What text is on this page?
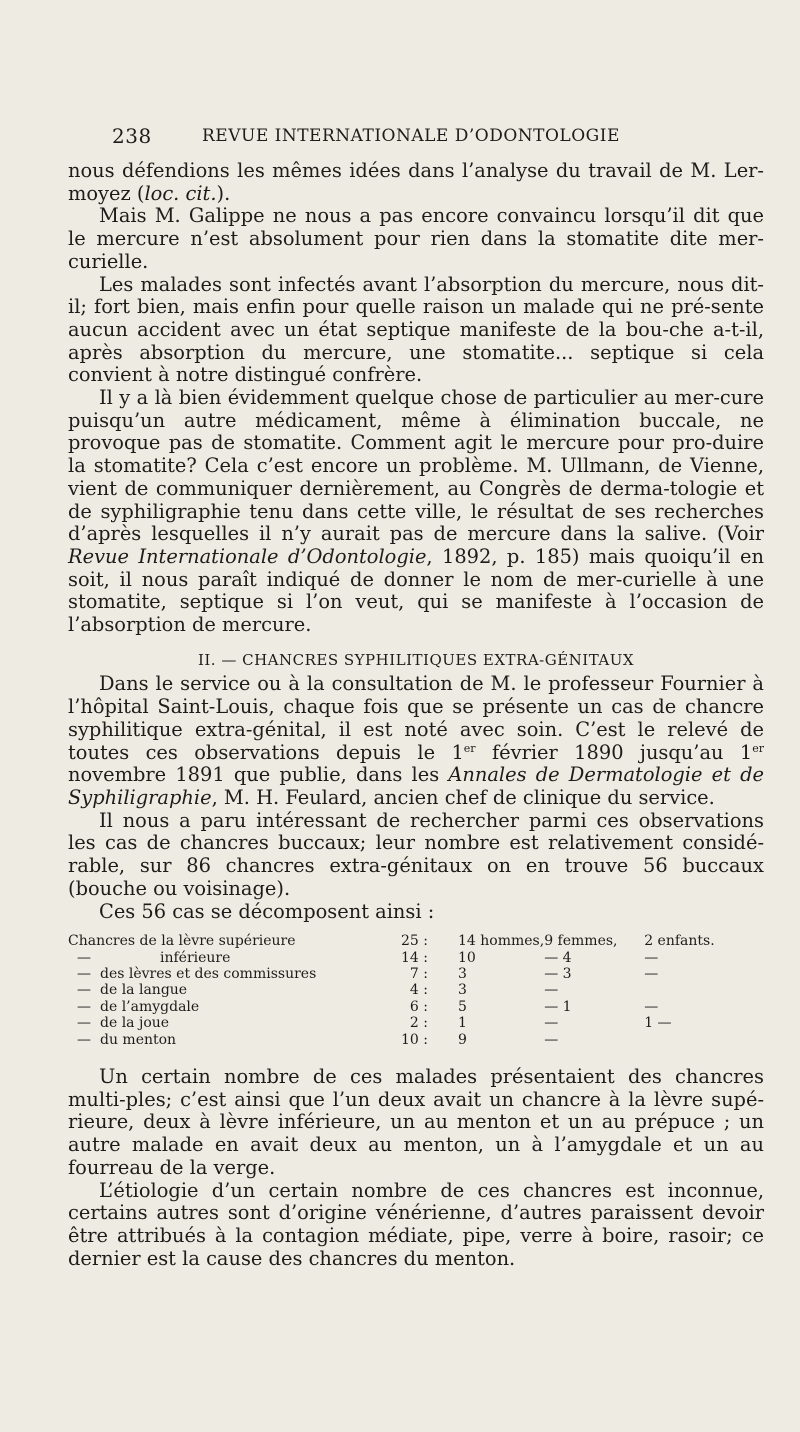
238	REVUE INTERNATIONALE D’ODONTOLOGIE

nous défendions les mêmes idées dans l’analyse du travail de M. Ler-moyez (loc. cit.).

Mais M. Galippe ne nous a pas encore convaincu lorsqu’il dit que le mercure n’est absolument pour rien dans la stomatite dite mer-curielle.

Les malades sont infectés avant l’absorption du mercure, nous dit-il; fort bien, mais enfin pour quelle raison un malade qui ne pré-sente aucun accident avec un état septique manifeste de la bou-che a-t-il, après absorption du mercure, une stomatite... septique si cela convient à notre distingué confrère.

Il y a là bien évidemment quelque chose de particulier au mer-cure puisqu’un autre médicament, même à élimination buccale, ne provoque pas de stomatite. Comment agit le mercure pour pro-duire la stomatite? Cela c’est encore un problème. M. Ullmann, de Vienne, vient de communiquer dernièrement, au Congrès de derma-tologie et de syphiligraphie tenu dans cette ville, le résultat de ses recherches d’après lesquelles il n’y aurait pas de mercure dans la salive. (Voir Revue Internationale d’Odontologie, 1892, p. 185) mais quoiqu’il en soit, il nous paraît indiqué de donner le nom de mer-curielle à une stomatite, septique si l’on veut, qui se manifeste à l’occasion de l’absorption de mercure.

II. — CHANCRES SYPHILITIQUES EXTRA-GÉNITAUX

Dans le service ou à la consultation de M. le professeur Fournier à l’hôpital Saint-Louis, chaque fois que se présente un cas de chancre syphilitique extra-génital, il est noté avec soin. C’est le relevé de toutes ces observations depuis le 1er février 1890 jusqu’au 1er novembre 1891 que publie, dans les Annales de Dermatologie et de Syphiligraphie, M. H. Feulard, ancien chef de clinique du service.

Il nous a paru intéressant de rechercher parmi ces observations les cas de chancres buccaux; leur nombre est relativement considé-rable, sur 86 chancres extra-génitaux on en trouve 56 buccaux (bouche ou voisinage).

Ces 56 cas se décomposent ainsi :

Chancres de la lèvre supérieure		25 :	14 hommes,	9 femmes,	2 enfants.
—	inférieure	14 :	10	— 4	—
—	des lèvres et des commissures	7 :	3	— 3	—
—	de la langue	4 :	3	—	
—	de l’amygdale	6 :	5	— 1	—
—	de la joue	2 :	1	—	1 —
—	du menton	10 :	9	—	

Un certain nombre de ces malades présentaient des chancres multi-ples; c’est ainsi que l’un deux avait un chancre à la lèvre supé-rieure, deux à lèvre inférieure, un au menton et un au prépuce ; un autre malade en avait deux au menton, un à l’amygdale et un au fourreau de la verge.

L’étiologie d’un certain nombre de ces chancres est inconnue, certains autres sont d’origine vénérienne, d’autres paraissent devoir être attribués à la contagion médiate, pipe, verre à boire, rasoir; ce dernier est la cause des chancres du menton.
